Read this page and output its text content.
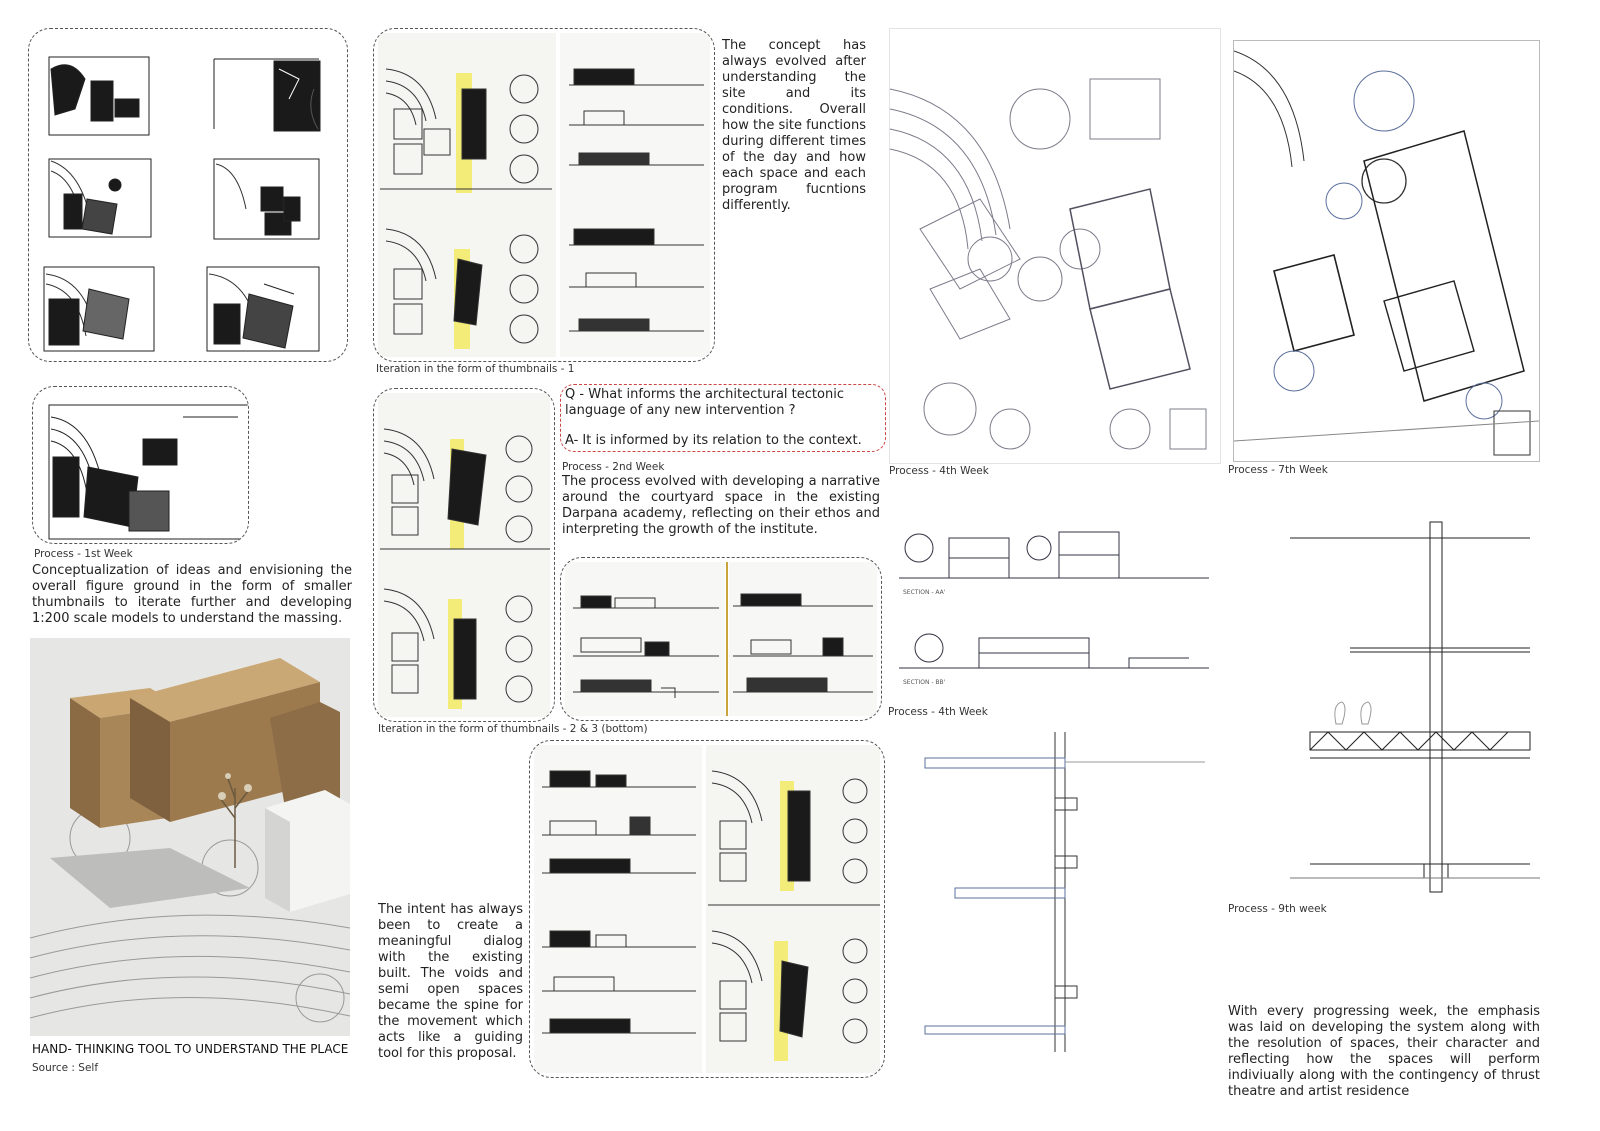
Process - 1st Week
Conceptualization of ideas and envisioning the overall figure ground in the form of smaller thumbnails to iterate further and developing 1:200 scale models to understand the massing.
HAND- THINKING TOOL TO UNDERSTAND THE PLACE
Source : Self
Iteration in the form of thumbnails - 1
Iteration in the form of thumbnails - 2 & 3 (bottom)
The intent has always been to create a meaningful dialog with the existing built. The voids and semi open spaces became the spine for the movement which acts like a guiding tool for this proposal.
The concept has always evolved after understanding the site and its conditions. Overall how the site functions during different times of the day and how each space and each program fucntions differently.
Q - What informs the architectural tectonic language of any new intervention ?
A- It is informed by its relation to the context.
Process - 2nd Week
The process evolved with developing a narrative around the courtyard space in the existing Darpana academy, reflecting on their ethos and interpreting the growth of the institute.
Process - 4th Week	Process - 7th Week
SECTION - AA'
SECTION - BB'
Process - 4th Week
Process - 9th week
With every progressing week, the emphasis was laid on developing the system along with the resolution of spaces, their character and reflecting how the spaces will perform indiviually along with the contingency of thrust theatre and artist residence
